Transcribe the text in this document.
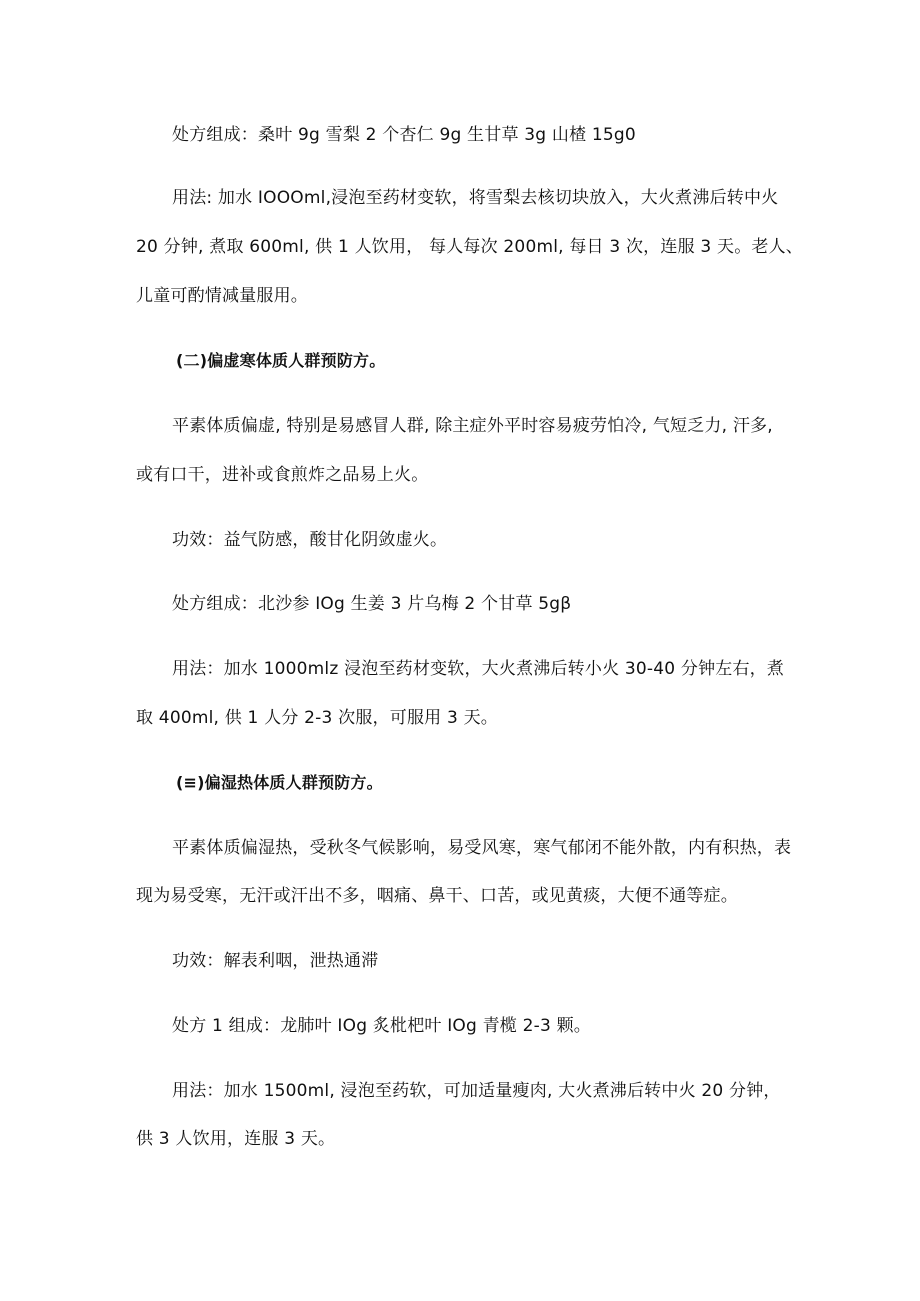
处方组成：桑叶 9g 雪梨 2 个杏仁 9g 生甘草 3g 山楂 15g0
用法: 加水 IOOOml,浸泡至药材变软，将雪梨去核切块放入，大火煮沸后转中火
20 分钟, 煮取 600ml, 供 1 人饮用， 每人每次 200ml, 每日 3 次，连服 3 天。老人、
儿童可酌情减量服用。
(二)偏虚寒体质人群预防方。
平素体质偏虚, 特别是易感冒人群, 除主症外平时容易疲劳怕冷, 气短乏力, 汗多,
或有口干，进补或食煎炸之品易上火。
功效：益气防感，酸甘化阴敛虚火。
处方组成：北沙参 IOg 生姜 3 片乌梅 2 个甘草 5gβ
用法：加水 1000mlz 浸泡至药材变软，大火煮沸后转小火 30-40 分钟左右，煮
取 400ml, 供 1 人分 2-3 次服，可服用 3 天。
(≡)偏湿热体质人群预防方。
平素体质偏湿热，受秋冬气候影响，易受风寒，寒气郁闭不能外散，内有积热，表
现为易受寒，无汗或汗出不多，咽痛、鼻干、口苦，或见黄痰，大便不通等症。
功效：解表利咽，泄热通滞
处方 1 组成：龙肺叶 IOg 炙枇杷叶 IOg 青榄 2-3 颗。
用法：加水 1500ml, 浸泡至药软，可加适量瘦肉, 大火煮沸后转中火 20 分钟，
供 3 人饮用，连服 3 天。
